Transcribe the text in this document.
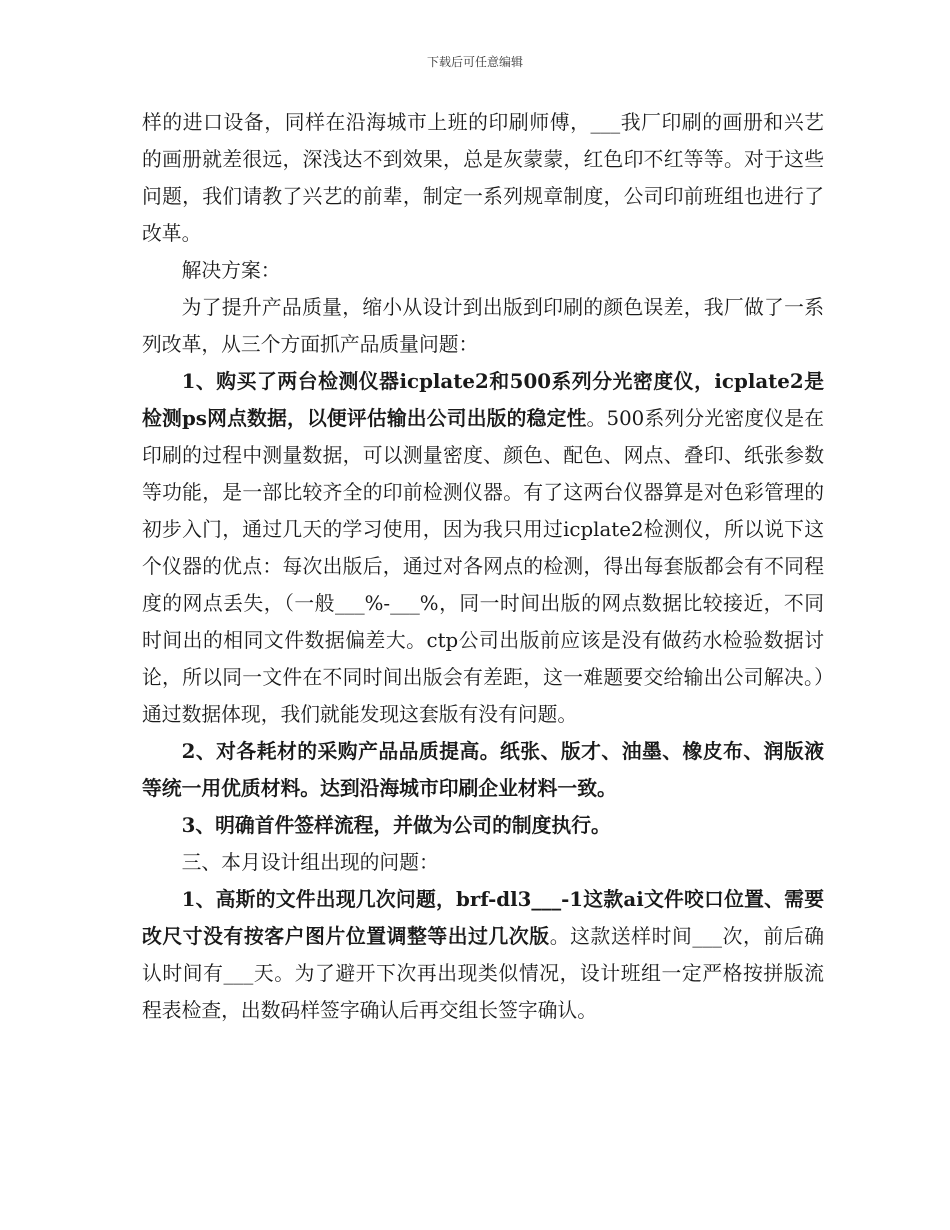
下载后可任意编辑

样的进口设备，同样在沿海城市上班的印刷师傅，___我厂印刷的画册和兴艺的画册就差很远，深浅达不到效果，总是灰蒙蒙，红色印不红等等。对于这些问题，我们请教了兴艺的前辈，制定一系列规章制度，公司印前班组也进行了改革。

解决方案：

为了提升产品质量，缩小从设计到出版到印刷的颜色误差，我厂做了一系列改革，从三个方面抓产品质量问题：

1、购买了两台检测仪器icplate2和500系列分光密度仪，icplate2是检测ps网点数据，以便评估输出公司出版的稳定性。500系列分光密度仪是在印刷的过程中测量数据，可以测量密度、颜色、配色、网点、叠印、纸张参数等功能，是一部比较齐全的印前检测仪器。有了这两台仪器算是对色彩管理的初步入门，通过几天的学习使用，因为我只用过icplate2检测仪，所以说下这个仪器的优点：每次出版后，通过对各网点的检测，得出每套版都会有不同程度的网点丢失，（一般___%-___%，同一时间出版的网点数据比较接近，不同时间出的相同文件数据偏差大。ctp公司出版前应该是没有做药水检验数据讨论，所以同一文件在不同时间出版会有差距，这一难题要交给输出公司解决。）通过数据体现，我们就能发现这套版有没有问题。

2、对各耗材的采购产品品质提高。纸张、版才、油墨、橡皮布、润版液等统一用优质材料。达到沿海城市印刷企业材料一致。

3、明确首件签样流程，并做为公司的制度执行。

三、本月设计组出现的问题：

1、高斯的文件出现几次问题，brf-dl3___-1这款ai文件咬口位置、需要改尺寸没有按客户图片位置调整等出过几次版。这款送样时间___次，前后确认时间有___天。为了避开下次再出现类似情况，设计班组一定严格按拼版流程表检查，出数码样签字确认后再交组长签字确认。
